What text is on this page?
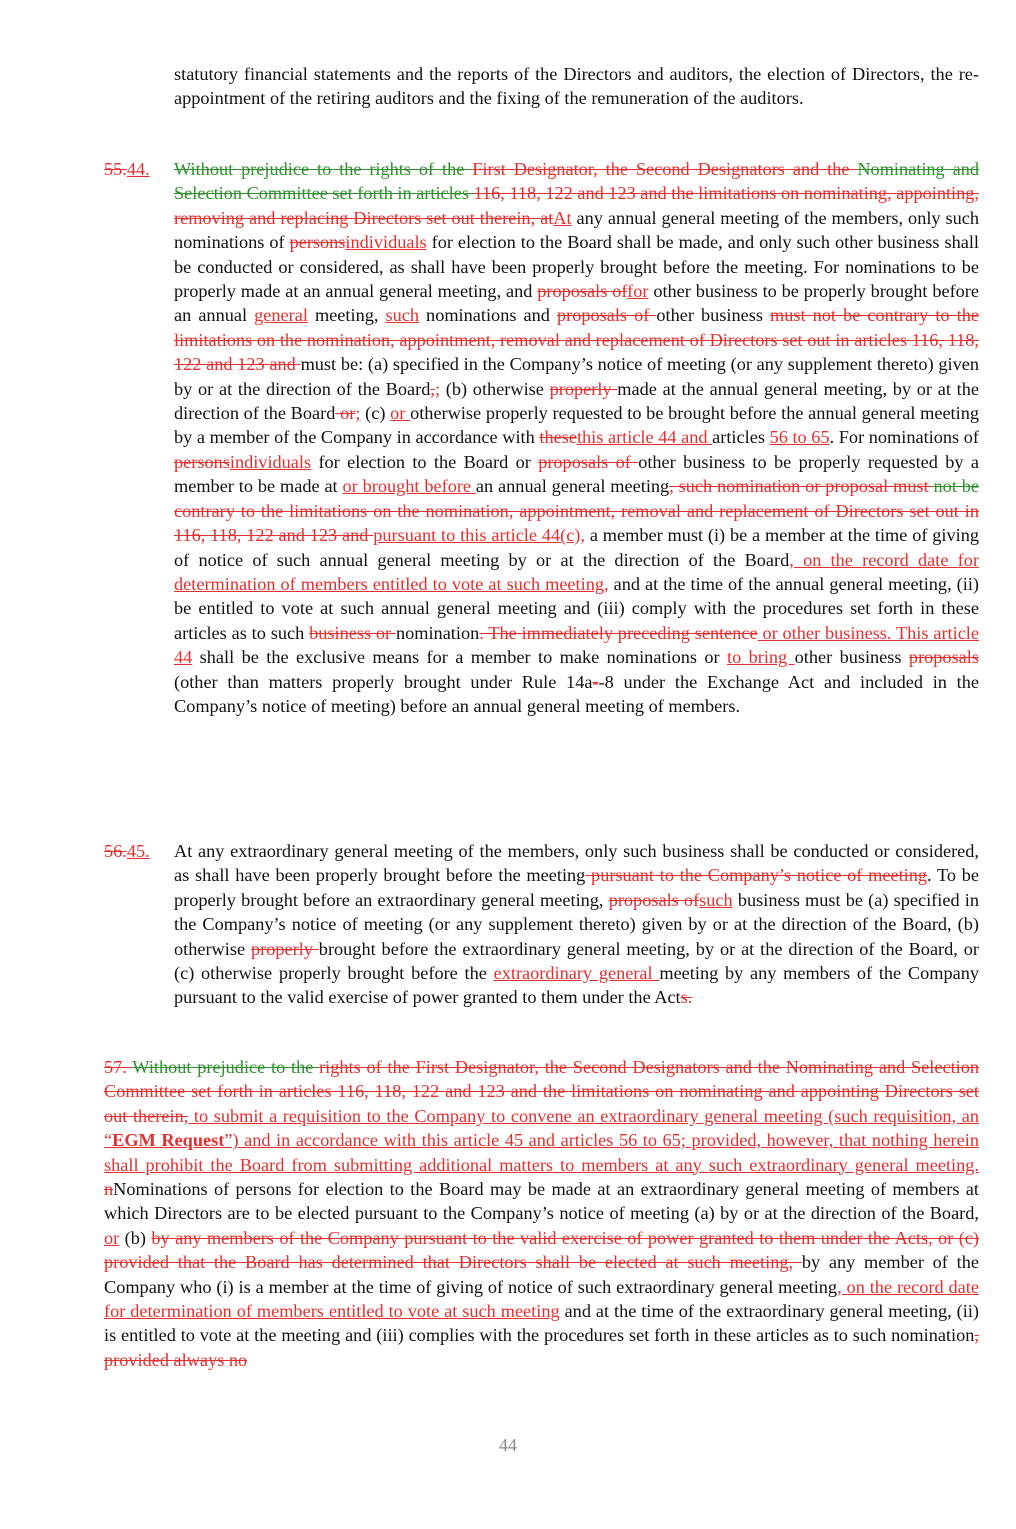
statutory financial statements and the reports of the Directors and auditors, the election of Directors, the re-appointment of the retiring auditors and the fixing of the remuneration of the auditors.

55.44. Without prejudice to the rights of the First Designator, the Second Designators and the Nominating and Selection Committee set forth in articles 116, 118, 122 and 123 and the limitations on nominating, appointing, removing and replacing Directors set out therein, atAt any annual general meeting of the members, only such nominations of personsindividuals for election to the Board shall be made, and only such other business shall be conducted or considered, as shall have been properly brought before the meeting. For nominations to be properly made at an annual general meeting, and proposals offor other business to be properly brought before an annual general meeting, such nominations and proposals of other business must not be contrary to the limitations on the nomination, appointment, removal and replacement of Directors set out in articles 116, 118, 122 and 123 and must be: (a) specified in the Company’s notice of meeting (or any supplement thereto) given by or at the direction of the Board,; (b) otherwise properly made at the annual general meeting, by or at the direction of the Board or; (c) or otherwise properly requested to be brought before the annual general meeting by a member of the Company in accordance with thesethis article 44 and articles 56 to 65. For nominations of personsindividuals for election to the Board or proposals of other business to be properly requested by a member to be made at or brought before an annual general meeting, such nomination or proposal must not be contrary to the limitations on the nomination, appointment, removal and replacement of Directors set out in 116, 118, 122 and 123 and pursuant to this article 44(c), a member must (i) be a member at the time of giving of notice of such annual general meeting by or at the direction of the Board, on the record date for determination of members entitled to vote at such meeting, and at the time of the annual general meeting, (ii) be entitled to vote at such annual general meeting and (iii) comply with the procedures set forth in these articles as to such business or nomination. The immediately preceding sentence or other business. This article 44 shall be the exclusive means for a member to make nominations or to bring other business proposals (other than matters properly brought under Rule 14a--8 under the Exchange Act and included in the Company’s notice of meeting) before an annual general meeting of members.

56.45. At any extraordinary general meeting of the members, only such business shall be conducted or considered, as shall have been properly brought before the meeting pursuant to the Company’s notice of meeting. To be properly brought before an extraordinary general meeting, proposals ofsuch business must be (a) specified in the Company’s notice of meeting (or any supplement thereto) given by or at the direction of the Board, (b) otherwise properly brought before the extraordinary general meeting, by or at the direction of the Board, or (c) otherwise properly brought before the extraordinary general meeting by any members of the Company pursuant to the valid exercise of power granted to them under the Acts.

57. Without prejudice to the rights of the First Designator, the Second Designators and the Nominating and Selection Committee set forth in articles 116, 118, 122 and 123 and the limitations on nominating and appointing Directors set out therein, to submit a requisition to the Company to convene an extraordinary general meeting (such requisition, an “EGM Request”) and in accordance with this article 45 and articles 56 to 65; provided, however, that nothing herein shall prohibit the Board from submitting additional matters to members at any such extraordinary general meeting. nNominations of persons for election to the Board may be made at an extraordinary general meeting of members at which Directors are to be elected pursuant to the Company’s notice of meeting (a) by or at the direction of the Board, or (b) by any members of the Company pursuant to the valid exercise of power granted to them under the Acts, or (c) provided that the Board has determined that Directors shall be elected at such meeting, by any member of the Company who (i) is a member at the time of giving of notice of such extraordinary general meeting, on the record date for determination of members entitled to vote at such meeting and at the time of the extraordinary general meeting, (ii) is entitled to vote at the meeting and (iii) complies with the procedures set forth in these articles as to such nomination, provided always no

44
